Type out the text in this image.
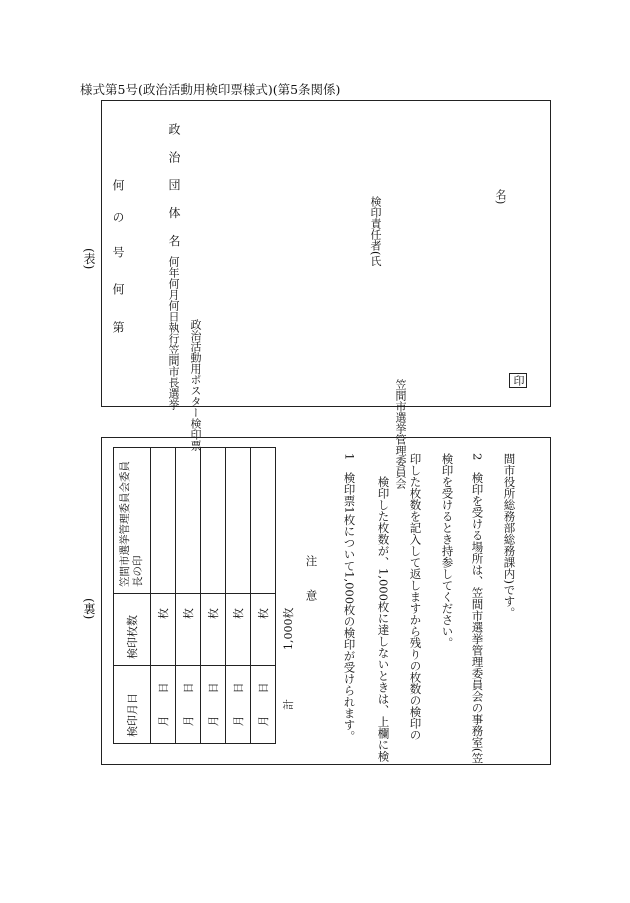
様式第5号(政治活動用検印票様式)(第5条関係)
(表)
第
何
号
の
何	政 治 団 体 名
何年何月何日執行笠間市長選挙 政治活動用ポスター検印票
検印責任者(氏	名)
笠間市選挙管理委員会	印
(裏)
検印月日	検印枚数	笠間市選挙管理委員会委員長の印
月　　日	枚	
月　　日	枚	
月　　日	枚	
月　　日	枚	
月　　日	枚	
計	1,000枚	
注　　意 1　検印票1枚について1,000枚の検印が受けられます。 　　検印した枚数が、1,000枚に達しないときは、上欄に検 印した枚数を記入して返しますから残りの枚数の検印の 検印を受けるとき持参してください。 2　検印を受ける場所は、笠間市選挙管理委員会の事務室(笠 間市役所総務部総務課内)です。
